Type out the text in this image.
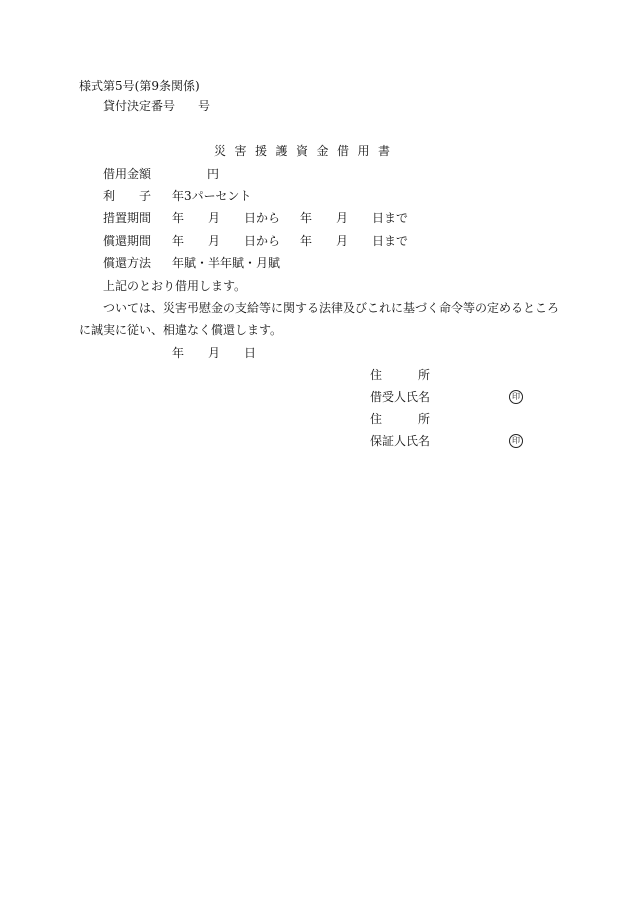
様式第5号(第9条関係)
貸付決定番号 号
災害援護資金借用書
借用金額	円
利　　子 年3パーセント
措置期間 年　　月　　日から 年　　月　　日まで
償還期間 年　　月　　日から 年　　月　　日まで
償還方法 年賦・半年賦・月賦
上記のとおり借用します。
ついては、災害弔慰金の支給等に関する法律及びこれに基づく命令等の定めるところ
に誠実に従い、相違なく償還します。
年　　月　　日
住　　　所
借受人氏名	印
住　　　所
保証人氏名	印
